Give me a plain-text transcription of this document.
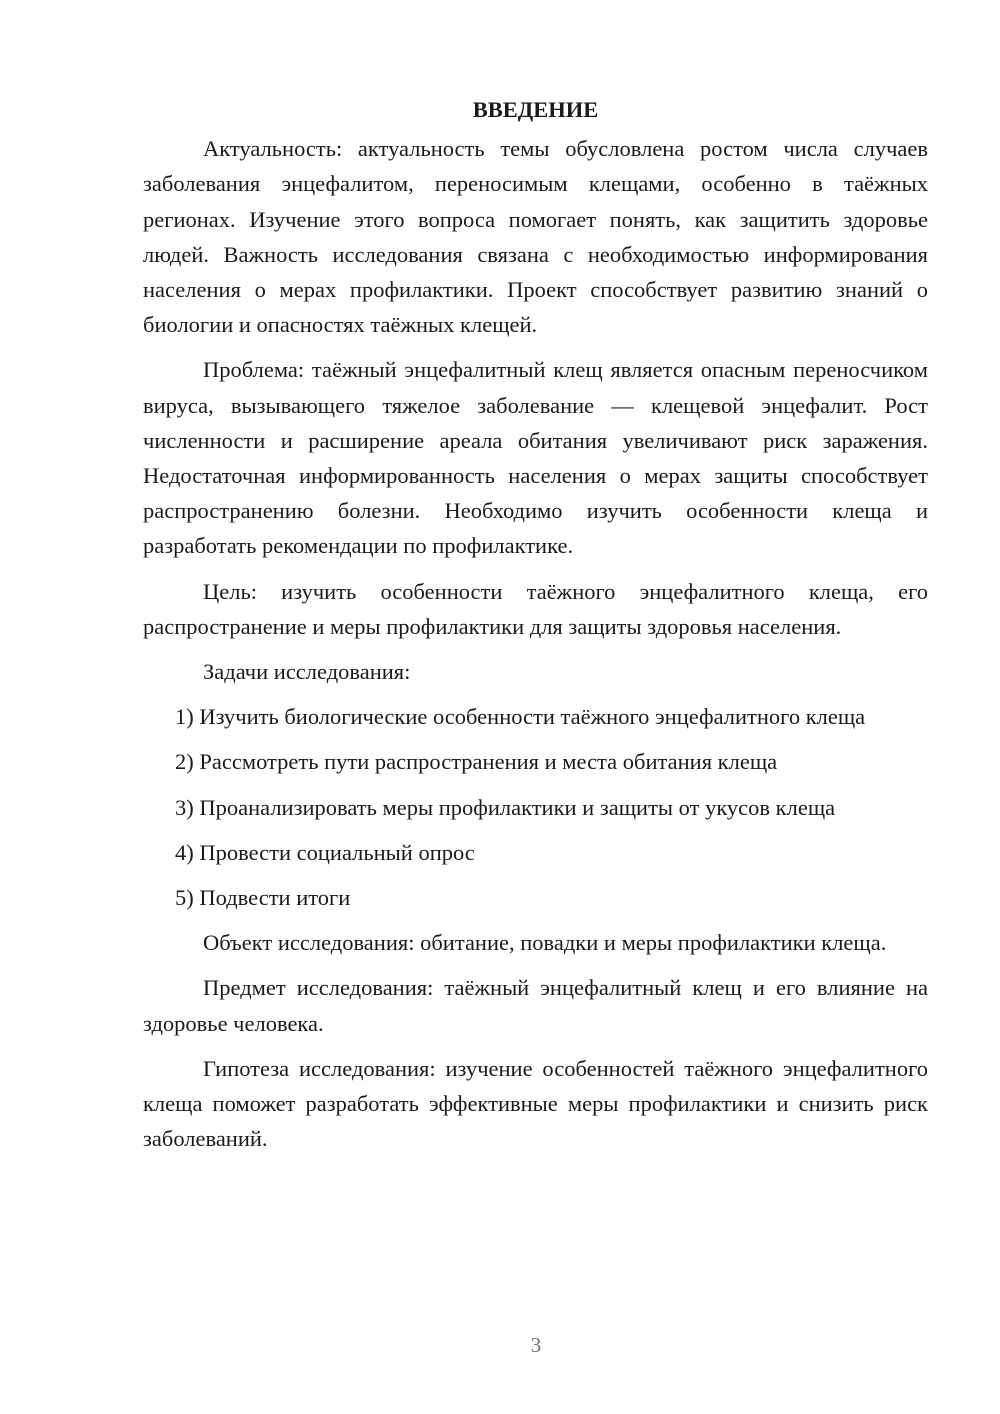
ВВЕДЕНИЕ

Актуальность: актуальность темы обусловлена ростом числа случаев заболевания энцефалитом, переносимым клещами, особенно в таёжных регионах. Изучение этого вопроса помогает понять, как защитить здоровье людей. Важность исследования связана с необходимостью информирования населения о мерах профилактики. Проект способствует развитию знаний о биологии и опасностях таёжных клещей.

Проблема: таёжный энцефалитный клещ является опасным переносчиком вируса, вызывающего тяжелое заболевание — клещевой энцефалит. Рост численности и расширение ареала обитания увеличивают риск заражения. Недостаточная информированность населения о мерах защиты способствует распространению болезни. Необходимо изучить особенности клеща и разработать рекомендации по профилактике.

Цель: изучить особенности таёжного энцефалитного клеща, его распространение и меры профилактики для защиты здоровья населения.

Задачи исследования:

1) Изучить биологические особенности таёжного энцефалитного клеща

2) Рассмотреть пути распространения и места обитания клеща

3) Проанализировать меры профилактики и защиты от укусов клеща

4) Провести социальный опрос

5) Подвести итоги

Объект исследования: обитание, повадки и меры профилактики клеща.

Предмет исследования: таёжный энцефалитный клещ и его влияние на здоровье человека.

Гипотеза исследования: изучение особенностей таёжного энцефалитного клеща поможет разработать эффективные меры профилактики и снизить риск заболеваний.

3
